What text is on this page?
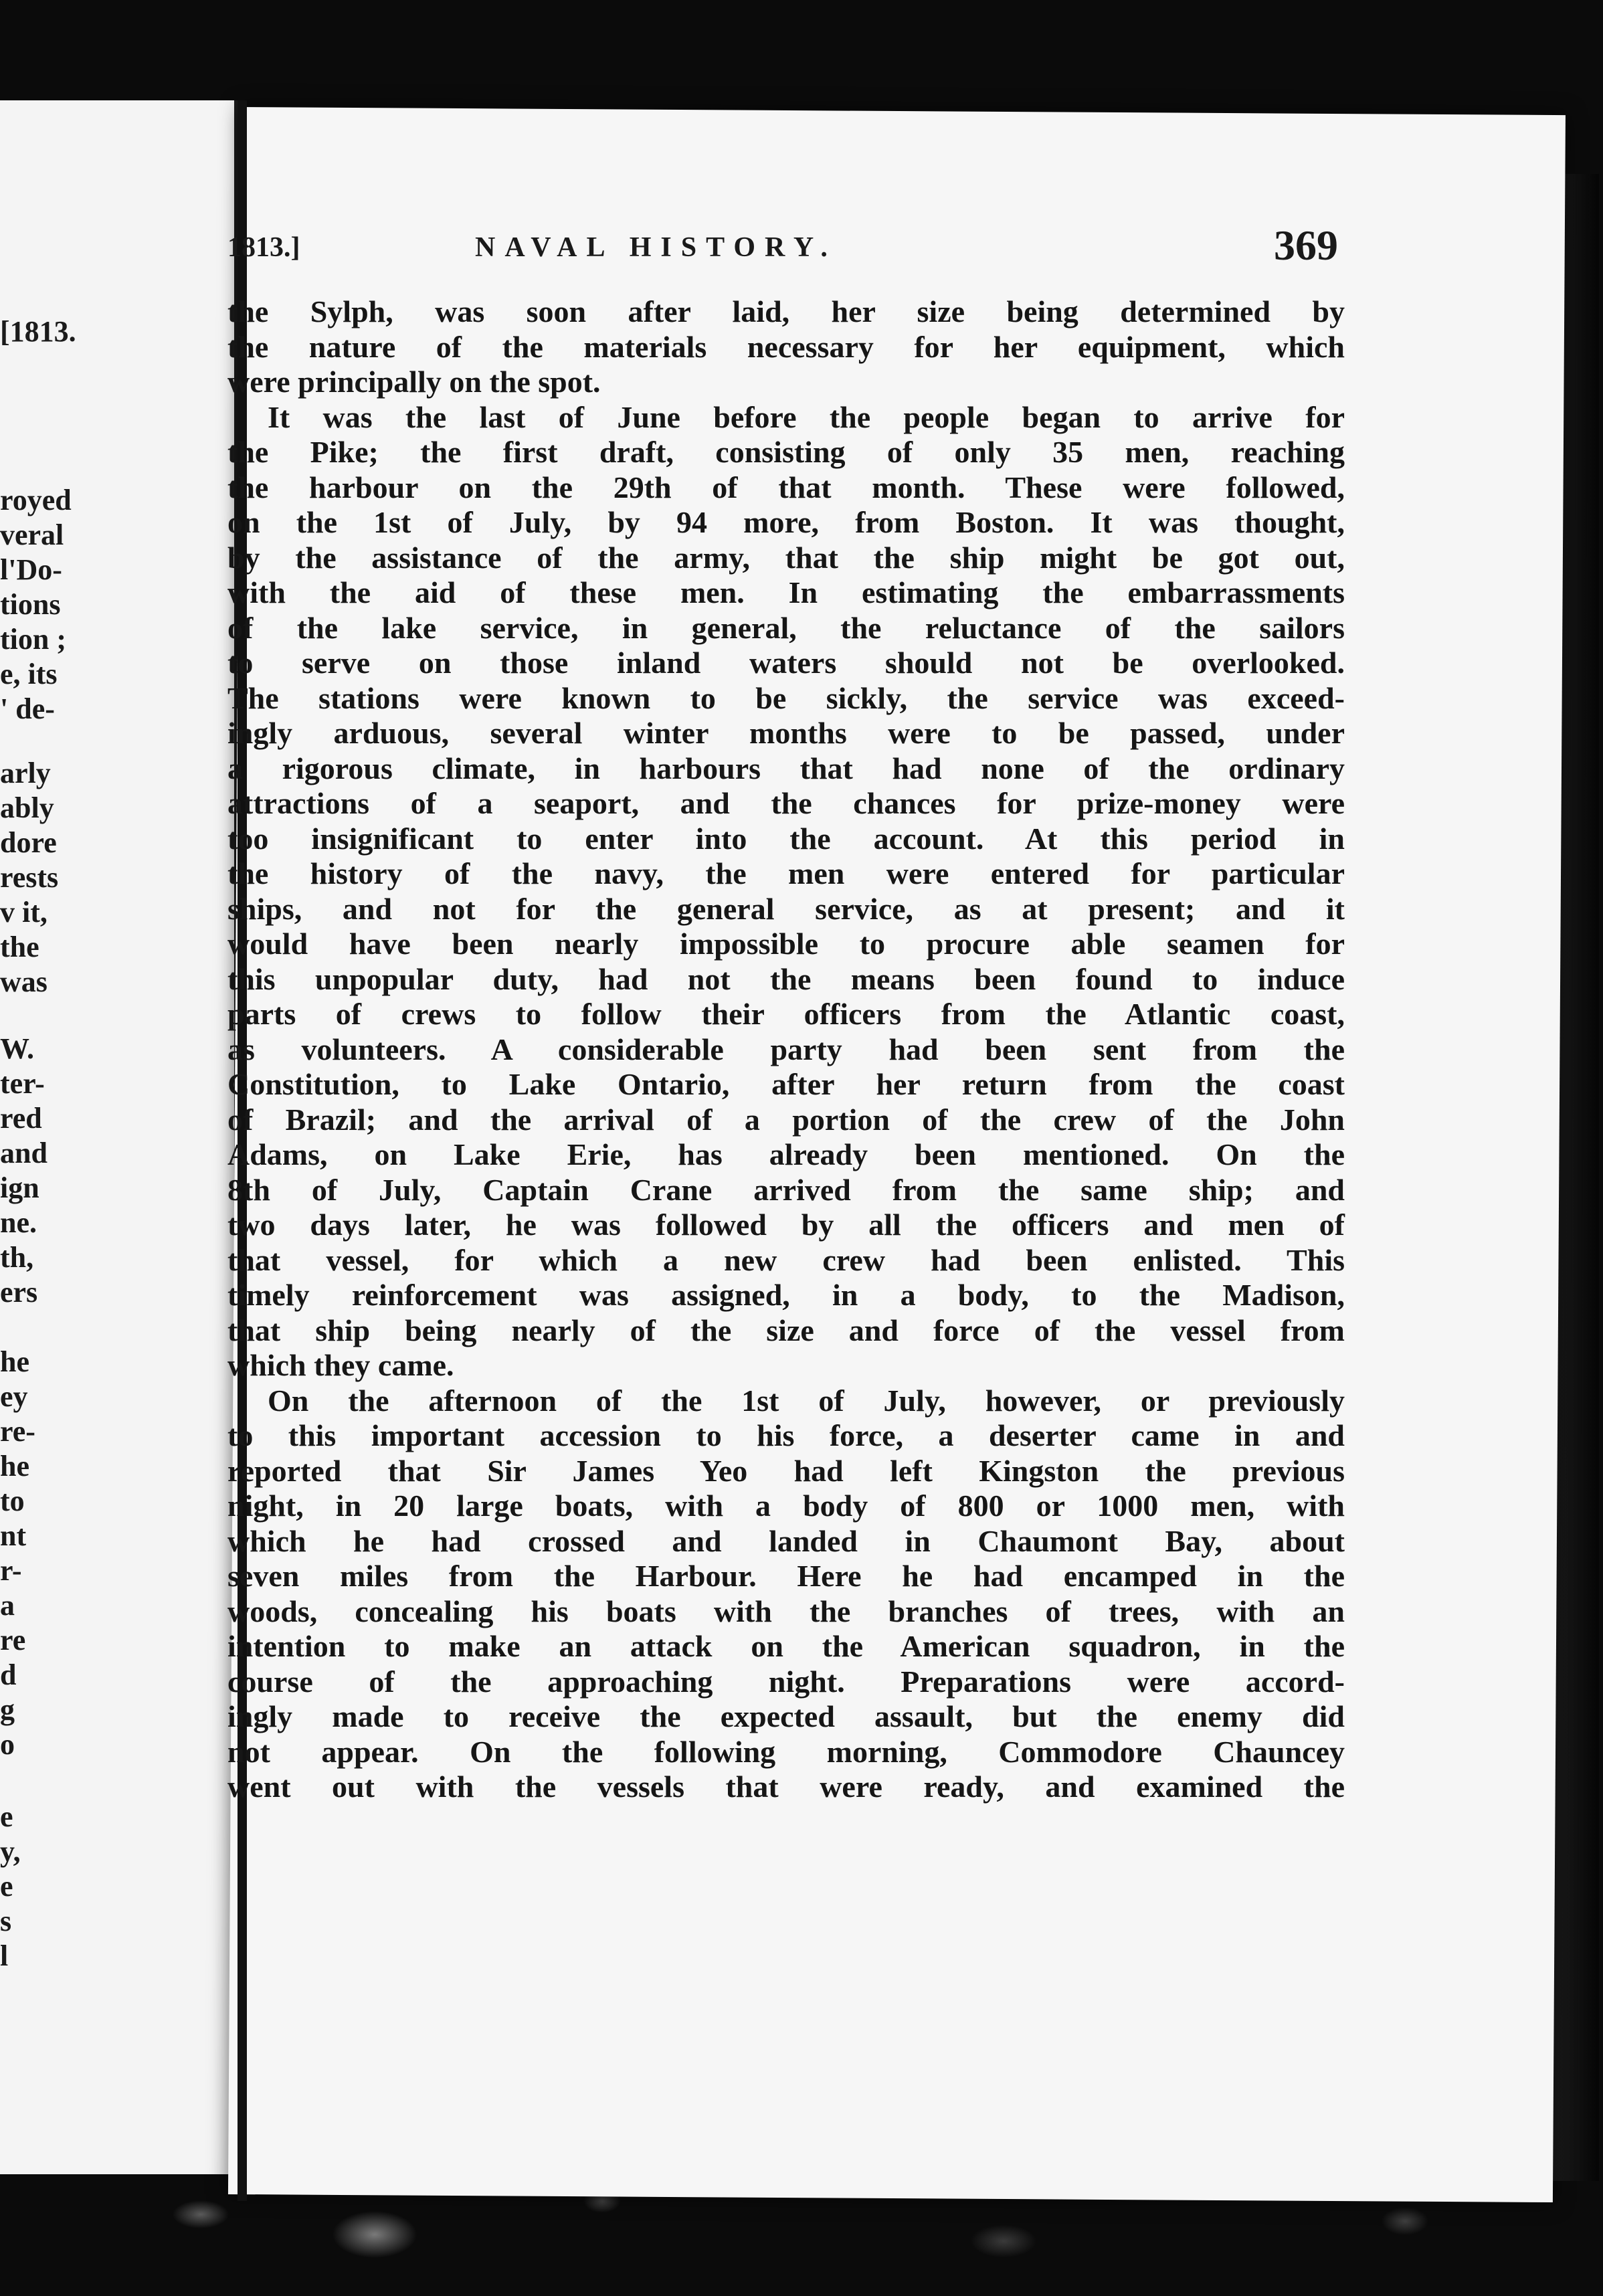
[1813.
royed
veral
l'Do-
tions
tion ;
e, its
' de-
arly
ably
dore
rests
v it,
the
was
W.
ter-
red
and
ign
ne.
th,
ers
he
ey
re-
he
to
nt
r-
a
re
d
g
o
e
y,
e
s
l
1813.]	NAVAL HISTORY.	369

the Sylph, was soon after laid, her size being determined by
the nature of the materials necessary for her equipment, which
were principally on the spot.

It was the last of June before the people began to arrive for
the Pike; the first draft, consisting of only 35 men, reaching
the harbour on the 29th of that month. These were followed,
on the 1st of July, by 94 more, from Boston. It was thought,
by the assistance of the army, that the ship might be got out,
with the aid of these men. In estimating the embarrassments
of the lake service, in general, the reluctance of the sailors
to serve on those inland waters should not be overlooked.
The stations were known to be sickly, the service was exceed-
ingly arduous, several winter months were to be passed, under
a rigorous climate, in harbours that had none of the ordinary
attractions of a seaport, and the chances for prize-money were
too insignificant to enter into the account. At this period in
the history of the navy, the men were entered for particular
ships, and not for the general service, as at present; and it
would have been nearly impossible to procure able seamen for
this unpopular duty, had not the means been found to induce
parts of crews to follow their officers from the Atlantic coast,
as volunteers. A considerable party had been sent from the
Constitution, to Lake Ontario, after her return from the coast
of Brazil; and the arrival of a portion of the crew of the John
Adams, on Lake Erie, has already been mentioned. On the
8th of July, Captain Crane arrived from the same ship; and
two days later, he was followed by all the officers and men of
that vessel, for which a new crew had been enlisted. This
timely reinforcement was assigned, in a body, to the Madison,
that ship being nearly of the size and force of the vessel from
which they came.

On the afternoon of the 1st of July, however, or previously
to this important accession to his force, a deserter came in and
reported that Sir James Yeo had left Kingston the previous
night, in 20 large boats, with a body of 800 or 1000 men, with
which he had crossed and landed in Chaumont Bay, about
seven miles from the Harbour. Here he had encamped in the
woods, concealing his boats with the branches of trees, with an
intention to make an attack on the American squadron, in the
course of the approaching night. Preparations were accord-
ingly made to receive the expected assault, but the enemy did
not appear. On the following morning, Commodore Chauncey
went out with the vessels that were ready, and examined the
